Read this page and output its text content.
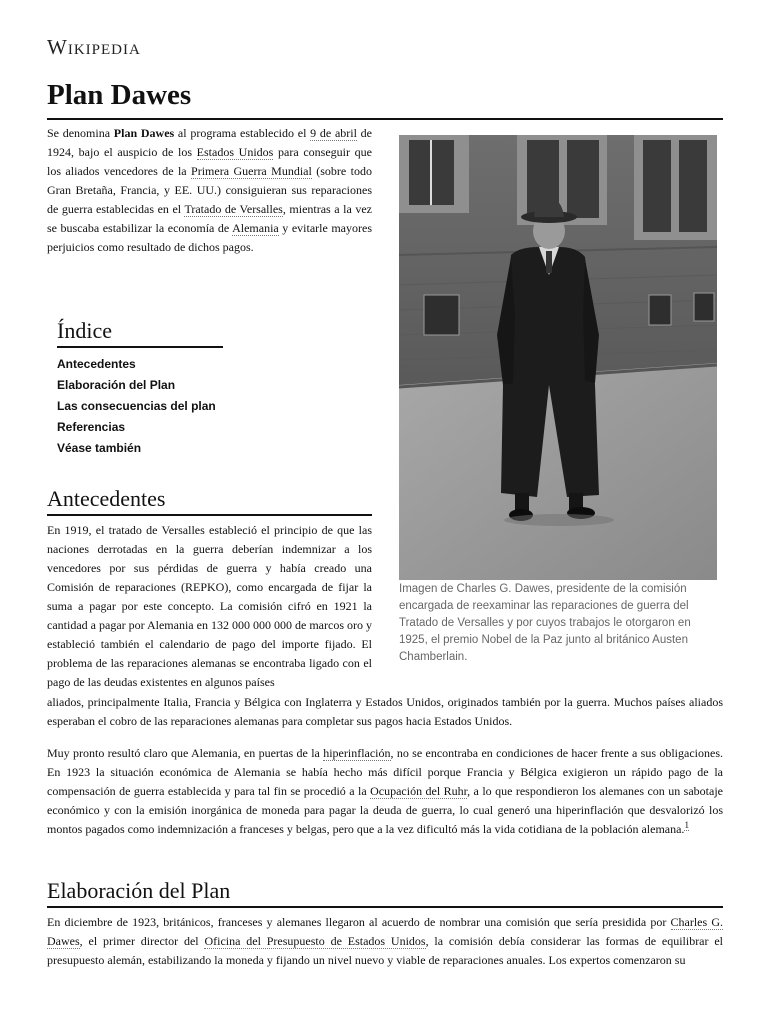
Wikipedia
Plan Dawes

Se denomina Plan Dawes al programa establecido el 9 de abril de 1924, bajo el auspicio de los Estados Unidos para conseguir que los aliados vencedores de la Primera Guerra Mundial (sobre todo Gran Bretaña, Francia, y EE. UU.) consiguieran sus reparaciones de guerra establecidas en el Tratado de Versalles, mientras a la vez se buscaba estabilizar la economía de Alemania y evitarle mayores perjuicios como resultado de dichos pagos.

Imagen de Charles G. Dawes, presidente de la comisión encargada de reexaminar las reparaciones de guerra del Tratado de Versalles y por cuyos trabajos le otorgaron en 1925, el premio Nobel de la Paz junto al británico Austen Chamberlain.
Índice
Antecedentes
Elaboración del Plan
Las consecuencias del plan
Referencias
Véase también
Antecedentes

En 1919, el tratado de Versalles estableció el principio de que las naciones derrotadas en la guerra deberían indemnizar a los vencedores por sus pérdidas de guerra y había creado una Comisión de reparaciones (REPKO), como encargada de fijar la suma a pagar por este concepto. La comisión cifró en 1921 la cantidad a pagar por Alemania en 132 000 000 000 de marcos oro y estableció también el calendario de pago del importe fijado. El problema de las reparaciones alemanas se encontraba ligado con el pago de las deudas existentes en algunos países

aliados, principalmente Italia, Francia y Bélgica con Inglaterra y Estados Unidos, originados también por la guerra. Muchos países aliados esperaban el cobro de las reparaciones alemanas para completar sus pagos hacia Estados Unidos.

Muy pronto resultó claro que Alemania, en puertas de la hiperinflación, no se encontraba en condiciones de hacer frente a sus obligaciones. En 1923 la situación económica de Alemania se había hecho más difícil porque Francia y Bélgica exigieron un rápido pago de la compensación de guerra establecida y para tal fin se procedió a la Ocupación del Ruhr, a lo que respondieron los alemanes con un sabotaje económico y con la emisión inorgánica de moneda para pagar la deuda de guerra, lo cual generó una hiperinflación que desvalorizó los montos pagados como indemnización a franceses y belgas, pero que a la vez dificultó más la vida cotidiana de la población alemana.$^1$

Elaboración del Plan

En diciembre de 1923, británicos, franceses y alemanes llegaron al acuerdo de nombrar una comisión que sería presidida por Charles G. Dawes, el primer director del Oficina del Presupuesto de Estados Unidos, la comisión debía considerar las formas de equilibrar el presupuesto alemán, estabilizando la moneda y fijando un nivel nuevo y viable de reparaciones anuales. Los expertos comenzaron su
